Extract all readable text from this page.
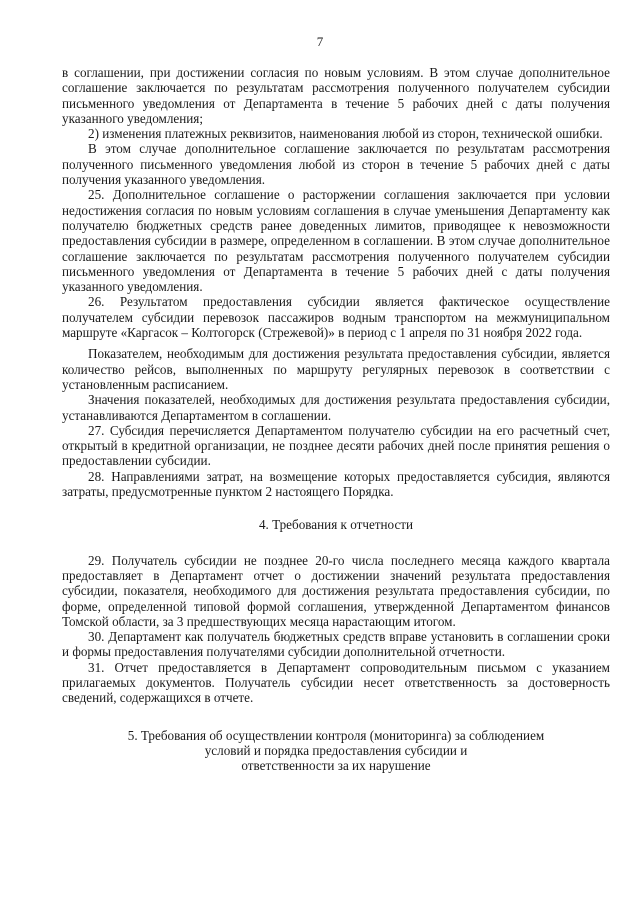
7

в соглашении, при достижении согласия по новым условиям. В этом случае дополнительное соглашение заключается по результатам рассмотрения полученного получателем субсидии письменного уведомления от Департамента в течение 5 рабочих дней с даты получения указанного уведомления;

2) изменения платежных реквизитов, наименования любой из сторон, технической ошибки.

В этом случае дополнительное соглашение заключается по результатам рассмотрения полученного письменного уведомления любой из сторон в течение 5 рабочих дней с даты получения указанного уведомления.

25. Дополнительное соглашение о расторжении соглашения заключается при условии недостижения согласия по новым условиям соглашения в случае уменьшения Департаменту как получателю бюджетных средств ранее доведенных лимитов, приводящее к невозможности предоставления субсидии в размере, определенном в соглашении. В этом случае дополнительное соглашение заключается по результатам рассмотрения полученного получателем субсидии письменного уведомления от Департамента в течение 5 рабочих дней с даты получения указанного уведомления.

26. Результатом предоставления субсидии является фактическое осуществление получателем субсидии перевозок пассажиров водным транспортом на межмуниципальном маршруте «Каргасок – Колтогорск (Стрежевой)» в период с 1 апреля по 31 ноября 2022 года.

Показателем, необходимым для достижения результата предоставления субсидии, является количество рейсов, выполненных по маршруту регулярных перевозок в соответствии с установленным расписанием.

Значения показателей, необходимых для достижения результата предоставления субсидии, устанавливаются Департаментом в соглашении.

27. Субсидия перечисляется Департаментом получателю субсидии на его расчетный счет, открытый в кредитной организации, не позднее десяти рабочих дней после принятия решения о предоставлении субсидии.

28. Направлениями затрат, на возмещение которых предоставляется субсидия, являются затраты, предусмотренные пунктом 2 настоящего Порядка.

4. Требования к отчетности

29. Получатель субсидии не позднее 20-го числа последнего месяца каждого квартала предоставляет в Департамент отчет о достижении значений результата предоставления субсидии, показателя, необходимого для достижения результата предоставления субсидии, по форме, определенной типовой формой соглашения, утвержденной Департаментом финансов Томской области, за 3 предшествующих месяца нарастающим итогом.

30. Департамент как получатель бюджетных средств вправе установить в соглашении сроки и формы предоставления получателями субсидии дополнительной отчетности.

31. Отчет предоставляется в Департамент сопроводительным письмом с указанием прилагаемых документов. Получатель субсидии несет ответственность за достоверность сведений, содержащихся в отчете.

5. Требования об осуществлении контроля (мониторинга) за соблюдением
условий и порядка предоставления субсидии и
ответственности за их нарушение
